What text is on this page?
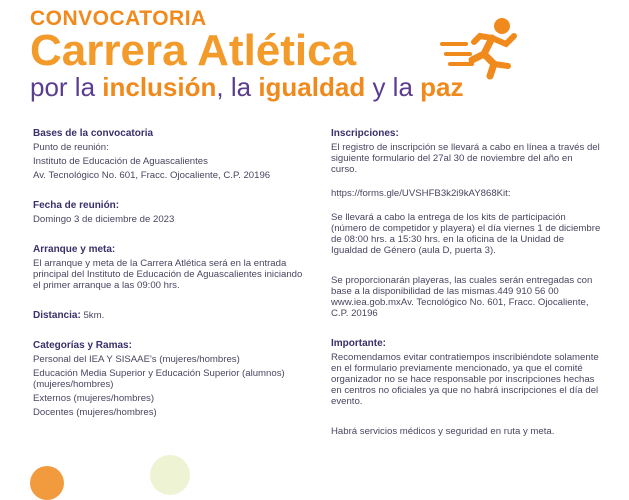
CONVOCATORIA
Carrera Atlética
por la inclusión, la igualdad y la paz
Bases de la convocatoria
Punto de reunión:
Instituto de Educación de Aguascalientes
Av. Tecnológico No. 601, Fracc. Ojocaliente, C.P. 20196
Fecha de reunión:
Domingo 3 de diciembre de 2023
Arranque y meta:
El arranque y meta de la Carrera Atlética será en la entrada principal del Instituto de Educación de Aguascalientes iniciando el primer arranque a las 09:00 hrs.
Distancia: 5km.
Categorías y Ramas:
Personal del IEA Y SISAAE's (mujeres/hombres)
Educación Media Superior y Educación Superior (alumnos) (mujeres/hombres)
Externos (mujeres/hombres)
Docentes (mujeres/hombres)
Inscripciones:
El registro de inscripción se llevará a cabo en línea a través del siguiente formulario del 27al 30 de noviembre del año en curso.
https://forms.gle/UVSHFB3k2i9kAY868Kit:
Se llevará a cabo la entrega de los kits de participación (número de competidor y playera) el día viernes 1 de diciembre de 08:00 hrs. a 15:30 hrs. en la oficina de la Unidad de Igualdad de Género (aula D, puerta 3).
Se proporcionarán playeras, las cuales serán entregadas con base a la disponibilidad de las mismas.449 910 56 00 www.iea.gob.mxAv. Tecnológico No. 601, Fracc. Ojocaliente, C.P. 20196
Importante:
Recomendamos evitar contratiempos inscribiéndote solamente en el formulario previamente mencionado, ya que el comité organizador no se hace responsable por inscripciones hechas en centros no oficiales ya que no habrá inscripciones el día del evento.
Habrá servicios médicos y seguridad en ruta y meta.
